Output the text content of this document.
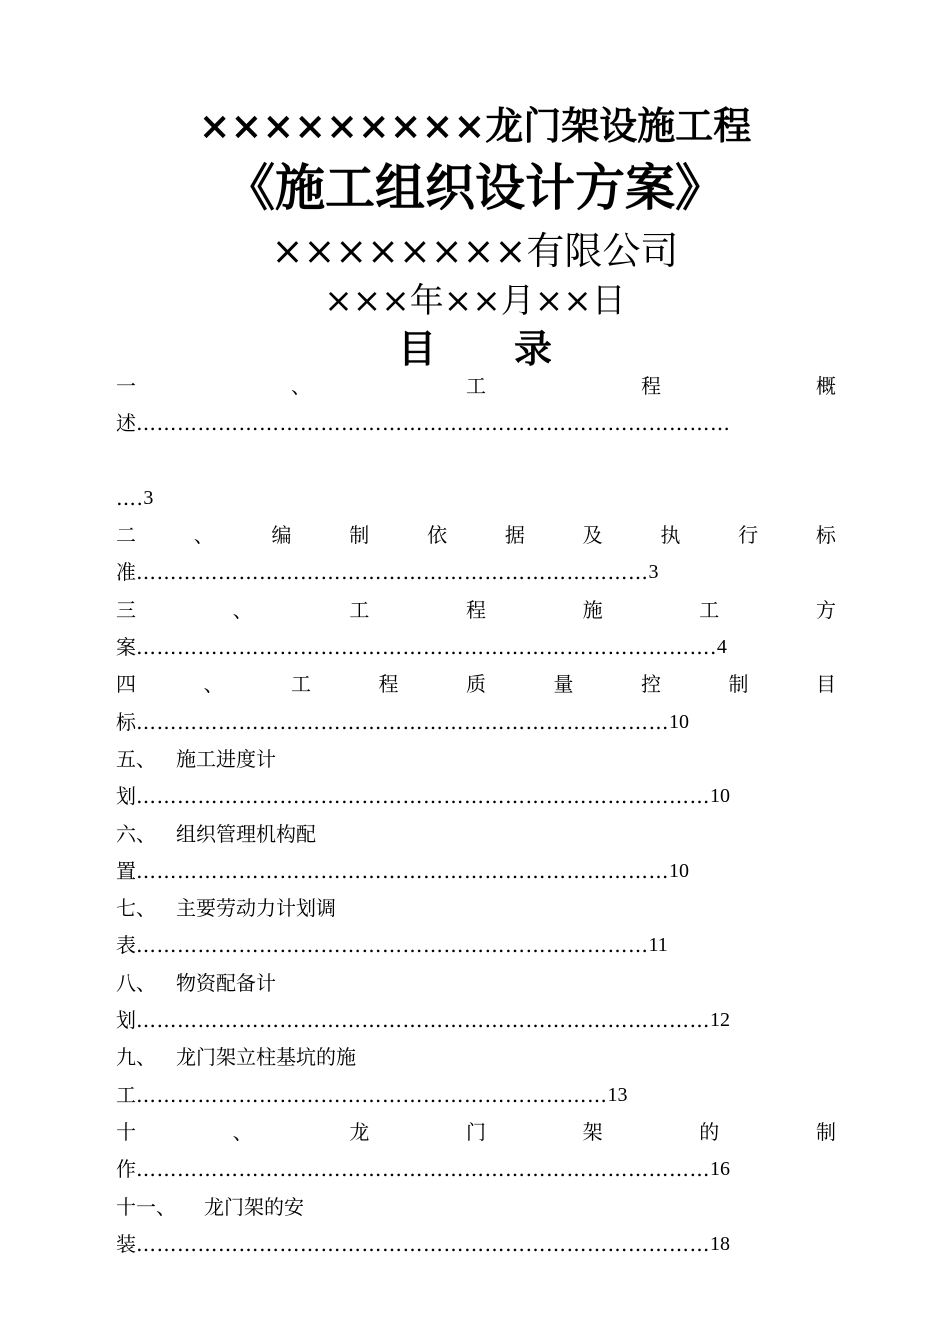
×××××××××龙门架设施工程
《施工组织设计方案》
××××××××有限公司
×××年××月××日
目 录
一	、	工	程	概
述 ……………………………………………………………………………
…. 3
二	、	编	制	依	据	及	执	行	标
准 ………………………………………………………………… 3
三	、	工	程	施	工	方
案 …………………………………………………………………………. 4
四	、	工	程	质	量	控	制	目
标 …………………………………………………………………… 10
五、	施工进度计
划 ………………………………………………………………………… 10
六、	组织管理机构配
置 …………………………………………………………………… 10
七、	主要劳动力计划调
表 ………………………………………………………………… 11
八、	物资配备计
划 ………………………………………………………………………… 12
九、	龙门架立柱基坑的施
工 …………………………………………………………… 13
十	、	龙	门	架	的	制
作 ………………………………………………………………………… 16
十一、	龙门架的安
装 ………………………………………………………………………… 18
